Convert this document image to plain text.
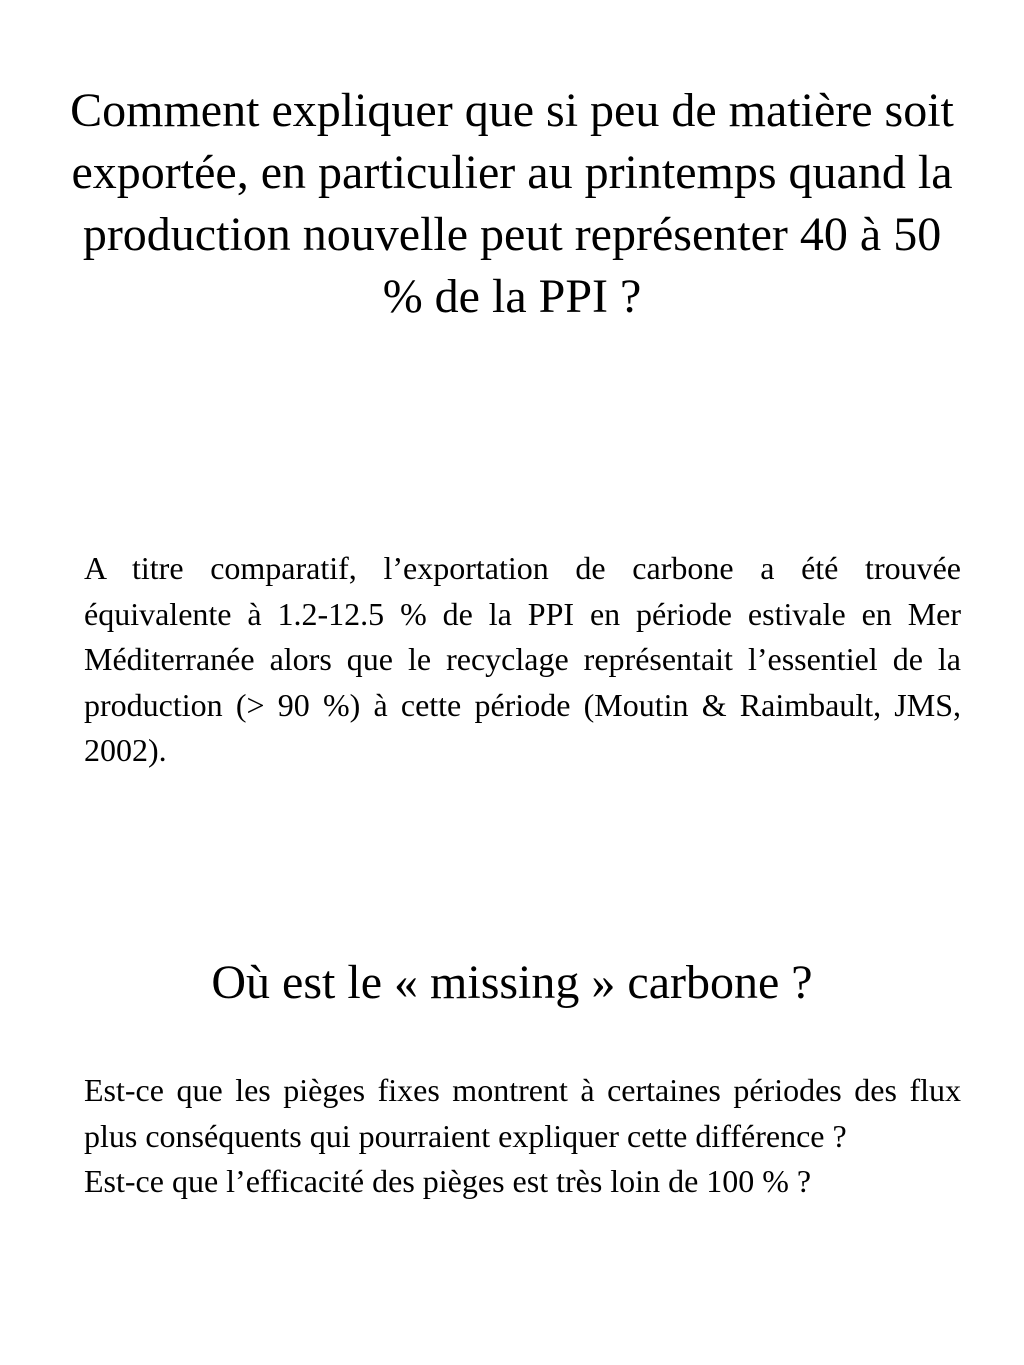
Comment expliquer que si peu de matière soit exportée, en particulier au printemps quand la production nouvelle peut représenter 40 à 50 % de la PPI ?

A titre comparatif, l’exportation de carbone a été trouvée équivalente à 1.2-12.5 % de la PPI en période estivale en Mer Méditerranée alors que le recyclage représentait l’essentiel de la production (> 90 %) à cette période (Moutin & Raimbault, JMS, 2002).

Où est le « missing » carbone ?
Est-ce que les pièges fixes montrent à certaines périodes des flux plus conséquents qui pourraient expliquer cette différence ?
Est-ce que l’efficacité des pièges est très loin de 100 % ?
